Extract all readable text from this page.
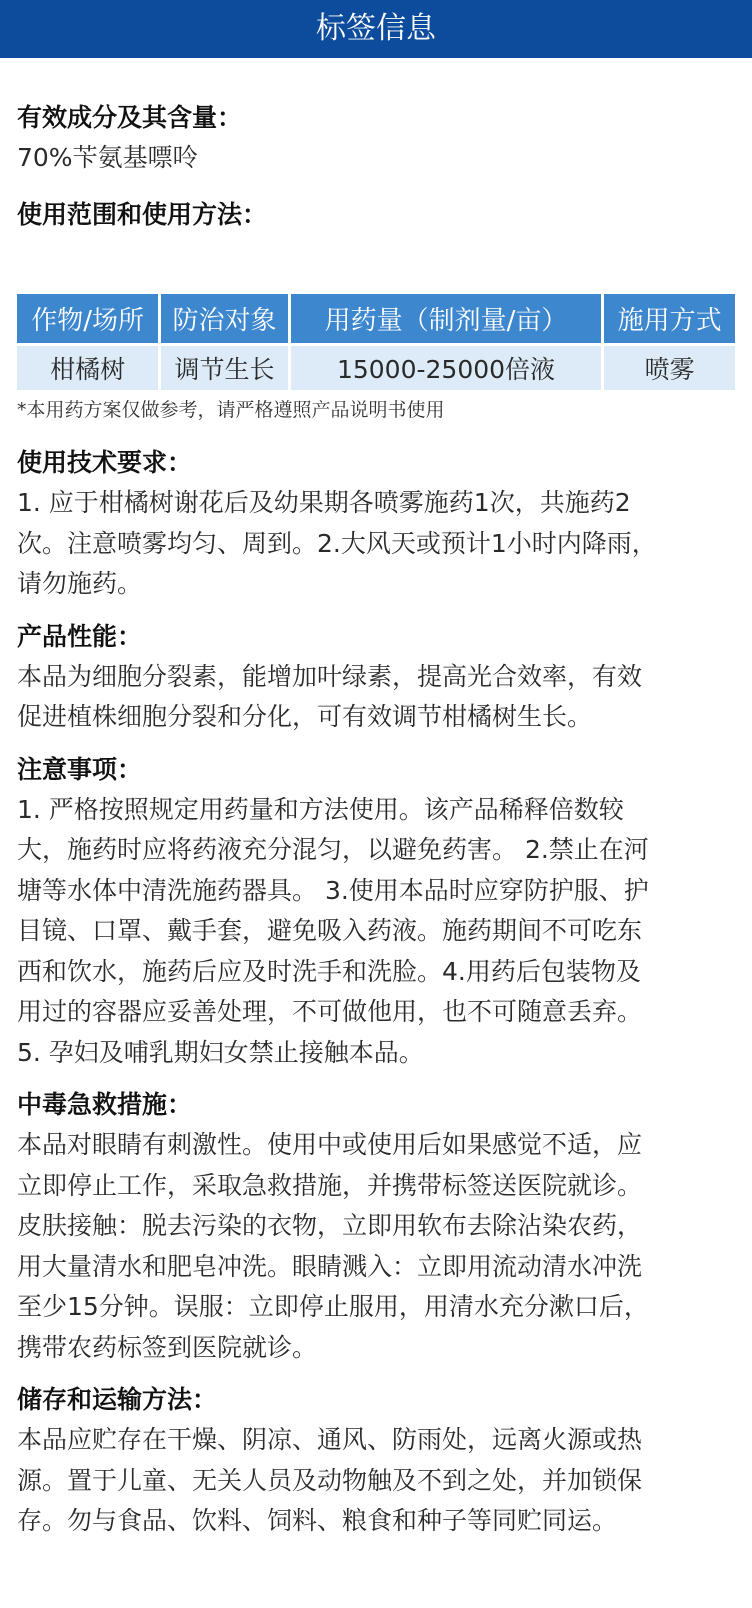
标签信息
有效成分及其含量：
70%苄氨基嘌呤
使用范围和使用方法：
作物/场所	防治对象	用药量（制剂量/亩）	施用方式
柑橘树	调节生长	15000-25000倍液	喷雾
*本用药方案仅做参考，请严格遵照产品说明书使用
使用技术要求：
1. 应于柑橘树谢花后及幼果期各喷雾施药1次，共施药2
次。注意喷雾均匀、周到。2.大风天或预计1小时内降雨，
请勿施药。
产品性能：
本品为细胞分裂素，能增加叶绿素，提高光合效率，有效
促进植株细胞分裂和分化，可有效调节柑橘树生长。
注意事项：
1. 严格按照规定用药量和方法使用。该产品稀释倍数较
大，施药时应将药液充分混匀，以避免药害。 2.禁止在河
塘等水体中清洗施药器具。 3.使用本品时应穿防护服、护
目镜、口罩、戴手套，避免吸入药液。施药期间不可吃东
西和饮水，施药后应及时洗手和洗脸。4.用药后包装物及
用过的容器应妥善处理，不可做他用，也不可随意丢弃。
5. 孕妇及哺乳期妇女禁止接触本品。
中毒急救措施：
本品对眼睛有刺激性。使用中或使用后如果感觉不适，应
立即停止工作，采取急救措施，并携带标签送医院就诊。
皮肤接触：脱去污染的衣物，立即用软布去除沾染农药，
用大量清水和肥皂冲洗。眼睛溅入：立即用流动清水冲洗
至少15分钟。误服：立即停止服用，用清水充分漱口后，
携带农药标签到医院就诊。
储存和运输方法：
本品应贮存在干燥、阴凉、通风、防雨处，远离火源或热
源。置于儿童、无关人员及动物触及不到之处，并加锁保
存。勿与食品、饮料、饲料、粮食和种子等同贮同运。
